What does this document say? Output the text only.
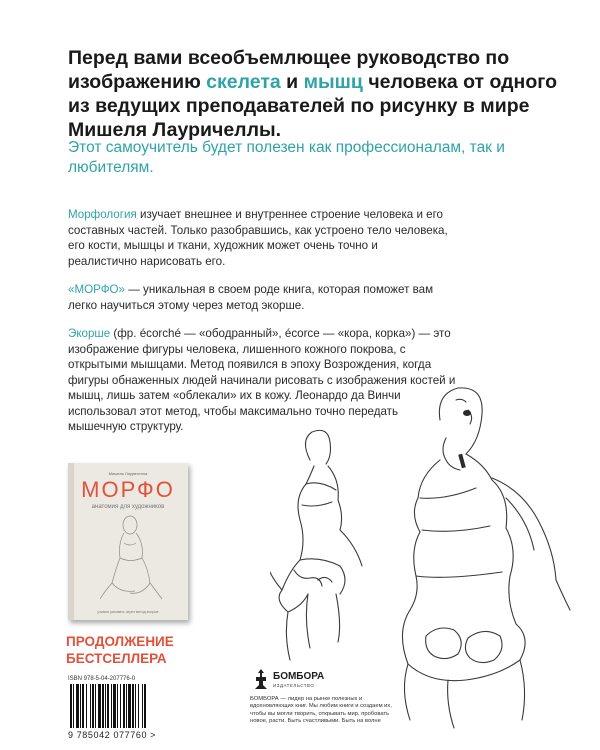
Перед вами всеобъемлющее руководство по изображению скелета и мышц человека от одного из ведущих преподавателей по рисунку в мире Мишеля Лауричеллы.
Этот самоучитель будет полезен как профессионалам, так и любителям.
Морфология изучает внешнее и внутреннее строение человека и его составных частей. Только разобравшись, как устроено тело человека, его кости, мышцы и ткани, художник может очень точно и реалистично нарисовать его.
«МОРФО» — уникальная в своем роде книга, которая поможет вам легко научиться этому через метод экорше.
Экорше (фр. écorché — «ободранный», écorce — «кора, корка») — это изображение фигуры человека, лишенного кожного покрова, с открытыми мышцами. Метод появился в эпоху Возрождения, когда фигуры обнаженных людей начинали рисовать с изображения костей и мышц, лишь затем «облекали» их в кожу. Леонардо да Винчи использовал этот метод, чтобы максимально точно передать мышечную структуру.
Мишель Лауричелла
МОРФО
анатомия для художников
учимся рисовать через метод экорше
ПРОДОЛЖЕНИЕ
БЕСТСЕЛЛЕРА
ISBN 978-5-04-207776-0
9 785042 077760 >
БОМБОРА
ИЗДАТЕЛЬСТВО
БОМБОРА — лидер на рынке полезных и вдохновляющих книг. Мы любим книги и создаем их, чтобы вы могли творить, открывать мир, пробовать новое, расти. Быть счастливыми. Быть на волне
